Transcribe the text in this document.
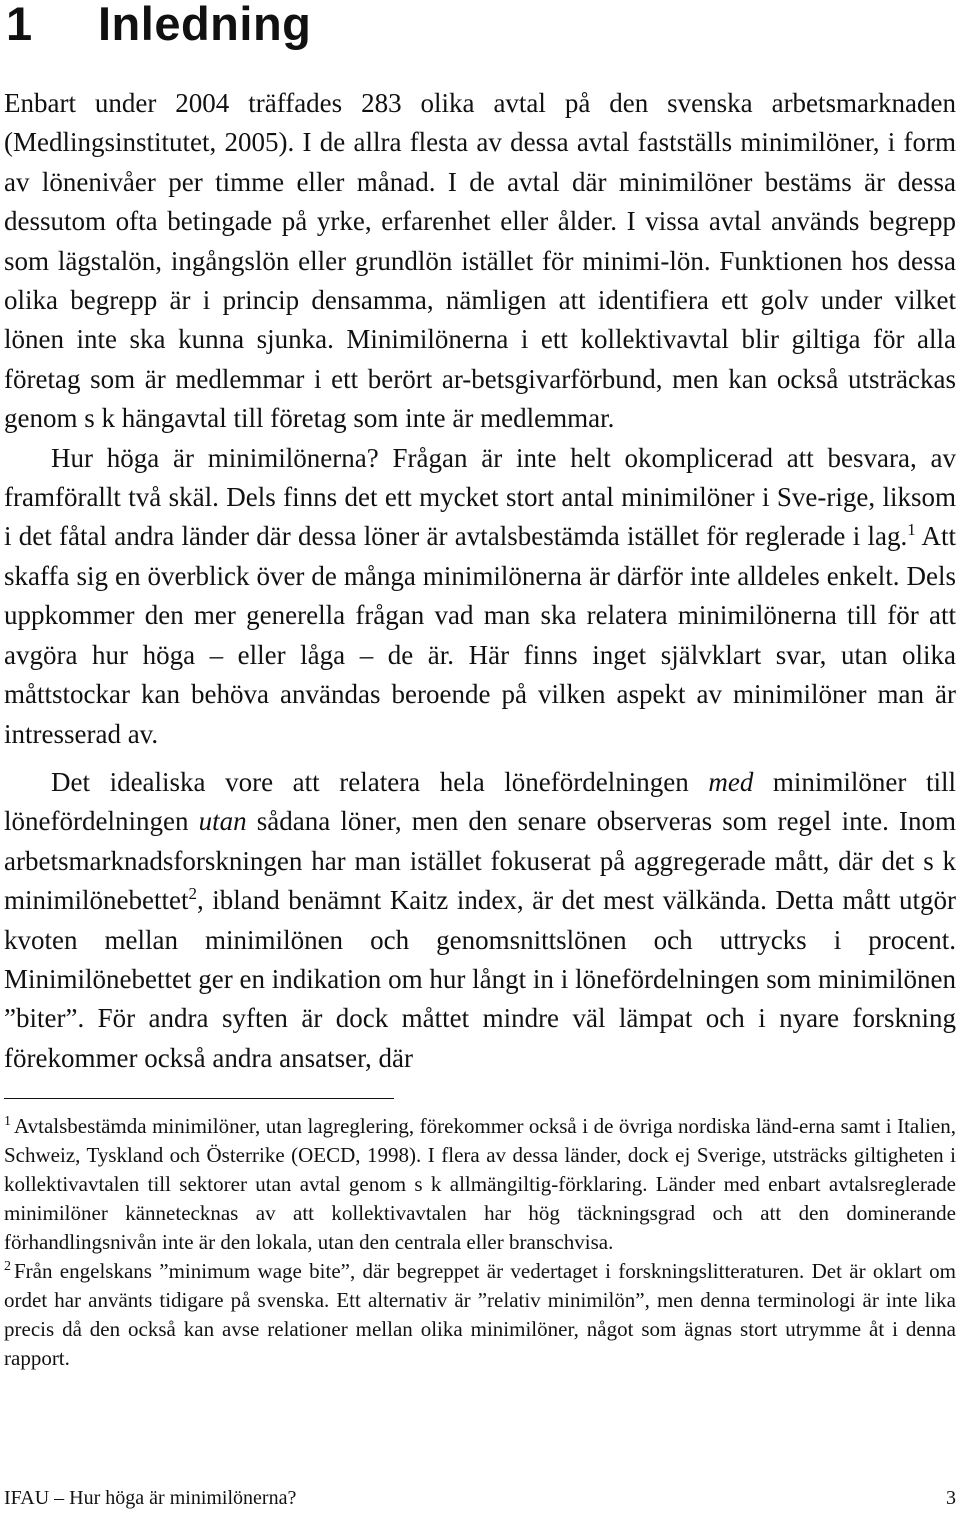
1 Inledning

Enbart under 2004 träffades 283 olika avtal på den svenska arbetsmarknaden (Medlingsinstitutet, 2005). I de allra flesta av dessa avtal fastställs minimilöner, i form av lönenivåer per timme eller månad. I de avtal där minimilöner bestäms är dessa dessutom ofta betingade på yrke, erfarenhet eller ålder. I vissa avtal används begrepp som lägstalön, ingångslön eller grundlön istället för minimi-lön. Funktionen hos dessa olika begrepp är i princip densamma, nämligen att identifiera ett golv under vilket lönen inte ska kunna sjunka. Minimilönerna i ett kollektivavtal blir giltiga för alla företag som är medlemmar i ett berört ar-betsgivarförbund, men kan också utsträckas genom s k hängavtal till företag som inte är medlemmar.

Hur höga är minimilönerna? Frågan är inte helt okomplicerad att besvara, av framförallt två skäl. Dels finns det ett mycket stort antal minimilöner i Sve-rige, liksom i det fåtal andra länder där dessa löner är avtalsbestämda istället för reglerade i lag.$^1$ Att skaffa sig en överblick över de många minimilönerna är därför inte alldeles enkelt. Dels uppkommer den mer generella frågan vad man ska relatera minimilönerna till för att avgöra hur höga – eller låga – de är. Här finns inget självklart svar, utan olika måttstockar kan behöva användas beroende på vilken aspekt av minimilöner man är intresserad av.

Det idealiska vore att relatera hela lönefördelningen med minimilöner till lönefördelningen utan sådana löner, men den senare observeras som regel inte. Inom arbetsmarknadsforskningen har man istället fokuserat på aggregerade mått, där det s k minimilönebettet$^2$, ibland benämnt Kaitz index, är det mest välkända. Detta mått utgör kvoten mellan minimilönen och genomsnittslönen och uttrycks i procent. Minimilönebettet ger en indikation om hur långt in i lönefördelningen som minimilönen ”biter”. För andra syften är dock måttet mindre väl lämpat och i nyare forskning förekommer också andra ansatser, där

$^1$ Avtalsbestämda minimilöner, utan lagreglering, förekommer också i de övriga nordiska länd-erna samt i Italien, Schweiz, Tyskland och Österrike (OECD, 1998). I flera av dessa länder, dock ej Sverige, utsträcks giltigheten i kollektivavtalen till sektorer utan avtal genom s k allmängiltig-förklaring. Länder med enbart avtalsreglerade minimilöner kännetecknas av att kollektivavtalen har hög täckningsgrad och att den dominerande förhandlingsnivån inte är den lokala, utan den centrala eller branschvisa.

$^2$ Från engelskans ”minimum wage bite”, där begreppet är vedertaget i forskningslitteraturen. Det är oklart om ordet har använts tidigare på svenska. Ett alternativ är ”relativ minimilön”, men denna terminologi är inte lika precis då den också kan avse relationer mellan olika minimilöner, något som ägnas stort utrymme åt i denna rapport.

IFAU – Hur höga är minimilönerna?	3
